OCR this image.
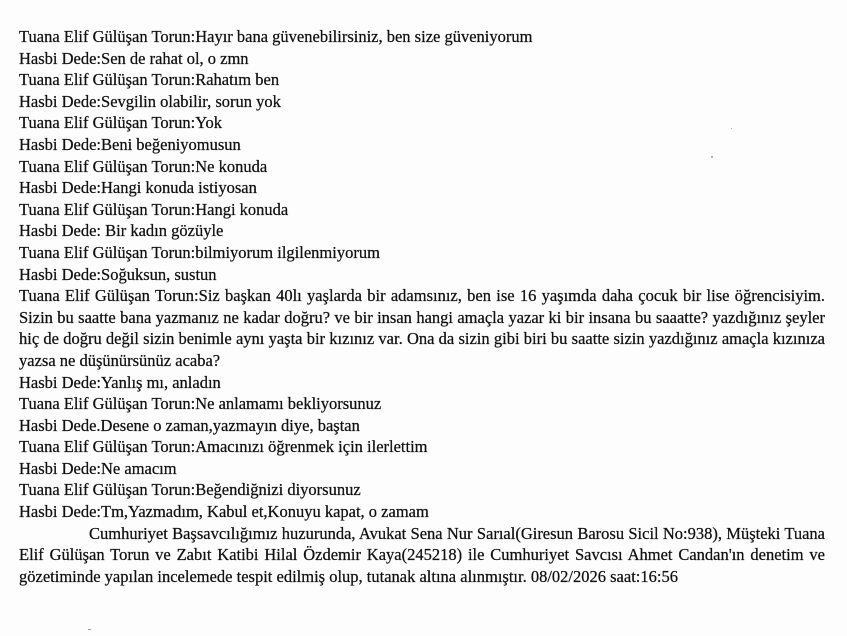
Tuana Elif Gülüşan Torun:Hayır bana güvenebilirsiniz, ben size güveniyorum
Hasbi Dede:Sen de rahat ol, o zmn
Tuana Elif Gülüşan Torun:Rahatım ben
Hasbi Dede:Sevgilin olabilir, sorun yok
Tuana Elif Gülüşan Torun:Yok
Hasbi Dede:Beni beğeniyomusun
Tuana Elif Gülüşan Torun:Ne konuda
Hasbi Dede:Hangi konuda istiyosan
Tuana Elif Gülüşan Torun:Hangi konuda
Hasbi Dede: Bir kadın gözüyle
Tuana Elif Gülüşan Torun:bilmiyorum ilgilenmiyorum
Hasbi Dede:Soğuksun, sustun
Tuana Elif Gülüşan Torun:Siz başkan 40lı yaşlarda bir adamsınız, ben ise 16 yaşımda daha çocuk bir lise öğrencisiyim. Sizin bu saatte bana yazmanız ne kadar doğru? ve bir insan hangi amaçla yazar ki bir insana bu saaatte? yazdığınız şeyler hiç de doğru değil sizin benimle aynı yaşta bir kızınız var. Ona da sizin gibi biri bu saatte sizin yazdığınız amaçla kızınıza yazsa ne düşünürsünüz acaba?
Hasbi Dede:Yanlış mı, anladın
Tuana Elif Gülüşan Torun:Ne anlamamı bekliyorsunuz
Hasbi Dede.Desene o zaman,yazmayın diye, baştan
Tuana Elif Gülüşan Torun:Amacınızı öğrenmek için ilerlettim
Hasbi Dede:Ne amacım
Tuana Elif Gülüşan Torun:Beğendiğnizi diyorsunuz
Hasbi Dede:Tm,Yazmadım, Kabul et,Konuyu kapat, o zamam
Cumhuriyet Başsavcılığımız huzurunda, Avukat Sena Nur Sarıal(Giresun Barosu Sicil No:938), Müşteki Tuana Elif Gülüşan Torun ve Zabıt Katibi Hilal Özdemir Kaya(245218) ile Cumhuriyet Savcısı Ahmet Candan'ın denetim ve gözetiminde yapılan incelemede tespit edilmiş olup, tutanak altına alınmıştır. 08/02/2026 saat:16:56
